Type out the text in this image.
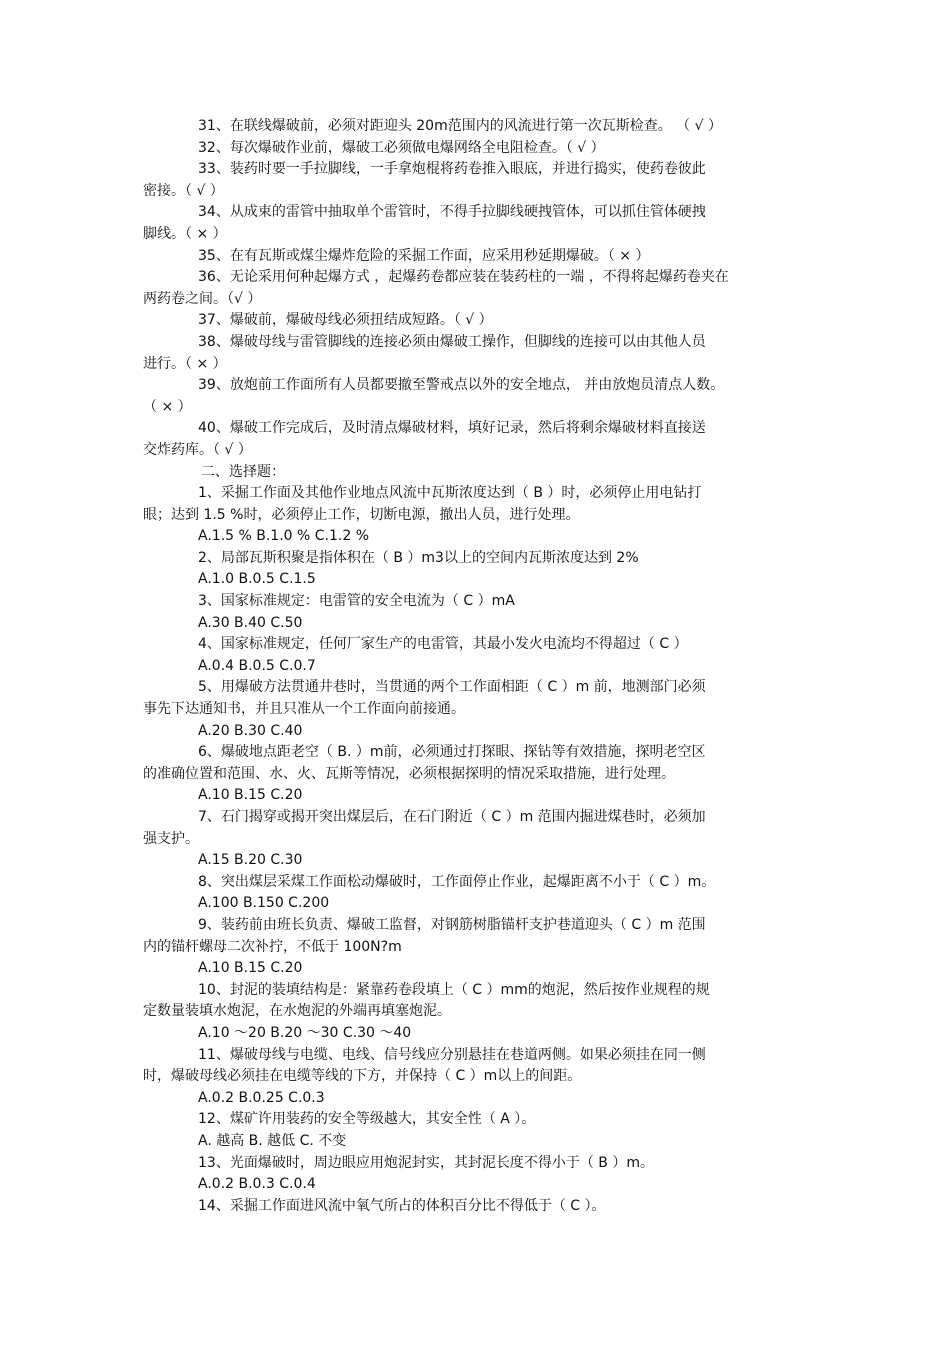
31、在联线爆破前，必须对距迎头 20m范围内的风流进行第一次瓦斯检查。 （ √ ）
32、每次爆破作业前，爆破工必须做电爆网络全电阻检查。（ √ ）
33、装药时要一手拉脚线，一手拿炮棍将药卷推入眼底，并进行捣实，使药卷彼此
密接。（ √ ）
34、从成束的雷管中抽取单个雷管时，不得手拉脚线硬拽管体，可以抓住管体硬拽
脚线。（ × ）
35、在有瓦斯或煤尘爆炸危险的采掘工作面，应采用秒延期爆破。（ × ）
36、无论采用何种起爆方式 ，起爆药卷都应装在装药柱的一端 ，不得将起爆药卷夹在
两药卷之间。（√ ）
37、爆破前，爆破母线必须扭结成短路。（ √ ）
38、爆破母线与雷管脚线的连接必须由爆破工操作，但脚线的连接可以由其他人员
进行。（ × ）
39、放炮前工作面所有人员都要撤至警戒点以外的安全地点， 并由放炮员清点人数。
（ × ）
40、爆破工作完成后，及时清点爆破材料，填好记录，然后将剩余爆破材料直接送
交炸药库。（ √ ）
二、选择题：
1、采掘工作面及其他作业地点风流中瓦斯浓度达到（ B ）时，必须停止用电钻打
眼；达到 1.5 %时，必须停止工作，切断电源，撤出人员，进行处理。
A.1.5 % B.1.0 % C.1.2 %
2、局部瓦斯积聚是指体积在（ B ）m3以上的空间内瓦斯浓度达到 2%
A.1.0 B.0.5 C.1.5
3、国家标准规定：电雷管的安全电流为（ C ）mA
A.30 B.40 C.50
4、国家标准规定，任何厂家生产的电雷管，其最小发火电流均不得超过（ C ）
A.0.4 B.0.5 C.0.7
5、用爆破方法贯通井巷时，当贯通的两个工作面相距（ C ）m 前，地测部门必须
事先下达通知书，并且只准从一个工作面向前接通。
A.20 B.30 C.40
6、爆破地点距老空（ B. ）m前，必须通过打探眼、探钻等有效措施，探明老空区
的准确位置和范围、水、火、瓦斯等情况，必须根据探明的情况采取措施，进行处理。
A.10 B.15 C.20
7、石门揭穿或揭开突出煤层后，在石门附近（ C ）m 范围内掘进煤巷时，必须加
强支护。
A.15 B.20 C.30
8、突出煤层采煤工作面松动爆破时，工作面停止作业，起爆距离不小于（ C ）m。
A.100 B.150 C.200
9、装药前由班长负责、爆破工监督，对钢筋树脂锚杆支护巷道迎头（ C ）m 范围
内的锚杆螺母二次补拧，不低于 100N?m
A.10 B.15 C.20
10、封泥的装填结构是：紧靠药卷段填上（ C ）mm的炮泥，然后按作业规程的规
定数量装填水炮泥，在水炮泥的外端再填塞炮泥。
A.10 ～20 B.20 ～30 C.30 ～40
11、爆破母线与电缆、电线、信号线应分别悬挂在巷道两侧。如果必须挂在同一侧
时，爆破母线必须挂在电缆等线的下方，并保持（ C ）m以上的间距。
A.0.2 B.0.25 C.0.3
12、煤矿许用装药的安全等级越大，其安全性（ A ）。
A. 越高 B. 越低 C. 不变
13、光面爆破时，周边眼应用炮泥封实，其封泥长度不得小于（ B ）m。
A.0.2 B.0.3 C.0.4
14、采掘工作面进风流中氧气所占的体积百分比不得低于（ C ）。
